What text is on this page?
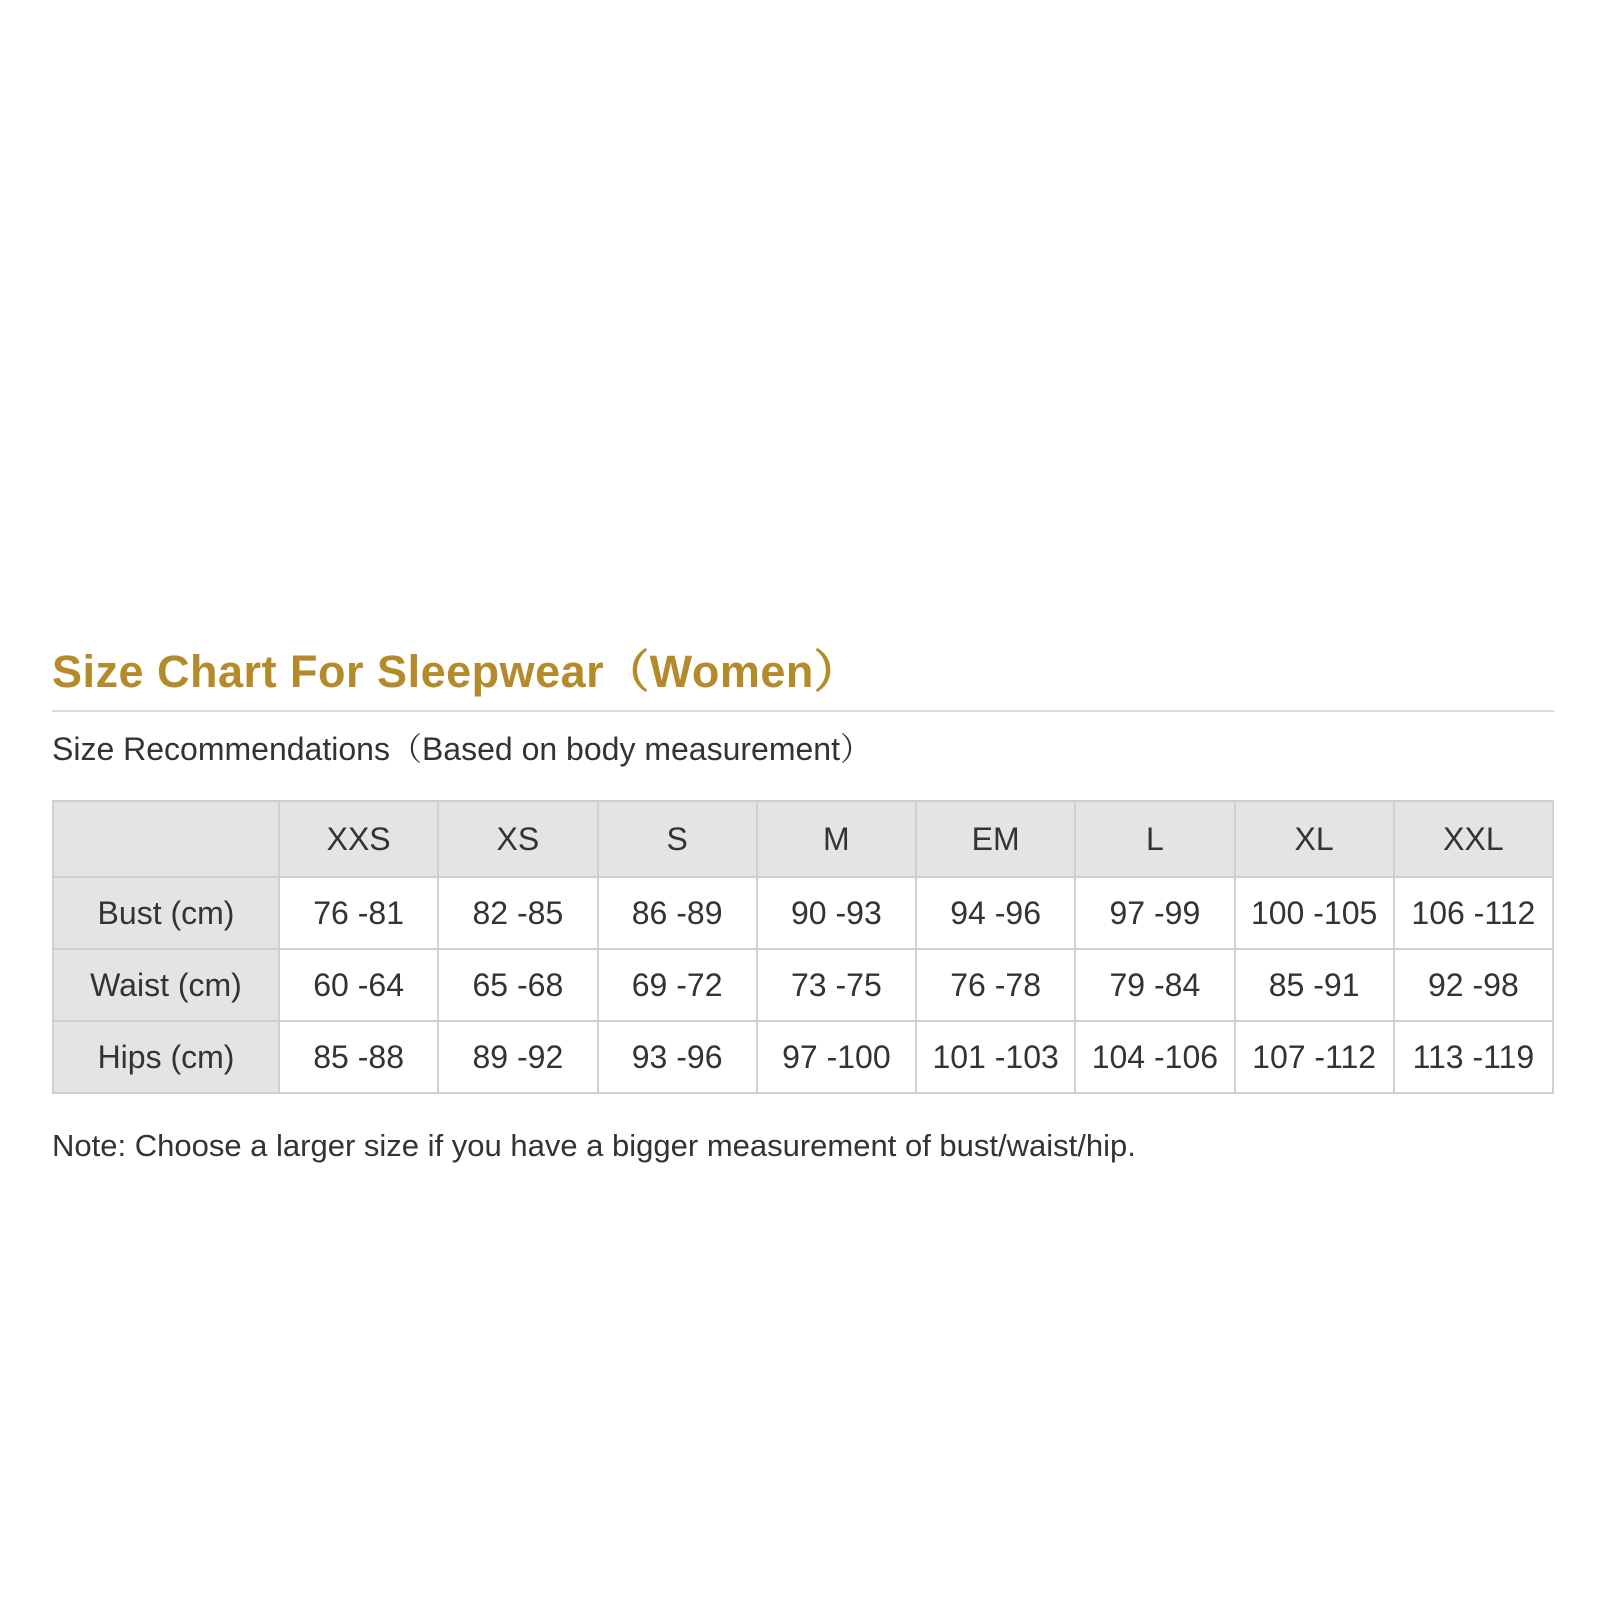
Size Chart For Sleepwear（Women）
Size Recommendations（Based on body measurement）
	XXS	XS	S	M	EM	L	XL	XXL
Bust (cm)	76 -81	82 -85	86 -89	90 -93	94 -96	97 -99	100 -105	106 -112
Waist (cm)	60 -64	65 -68	69 -72	73 -75	76 -78	79 -84	85 -91	92 -98
Hips (cm)	85 -88	89 -92	93 -96	97 -100	101 -103	104 -106	107 -112	113 -119
Note: Choose a larger size if you have a bigger measurement of bust/waist/hip.
